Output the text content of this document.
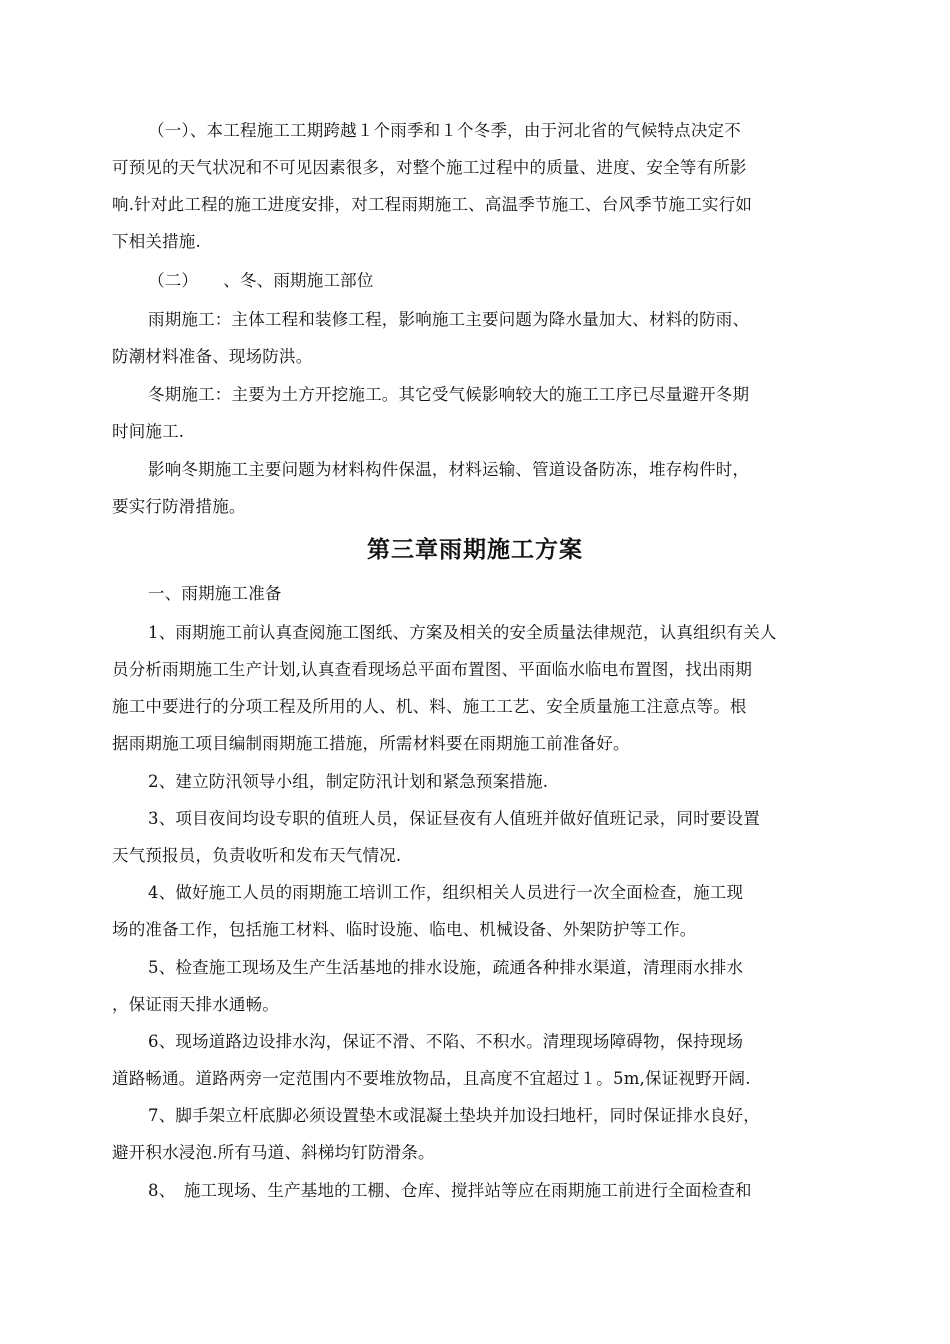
（一）、本工程施工工期跨越１个雨季和１个冬季，由于河北省的气候特点决定不
可预见的天气状况和不可见因素很多，对整个施工过程中的质量、进度、安全等有所影
响.针对此工程的施工进度安排，对工程雨期施工、高温季节施工、台风季节施工实行如
下相关措施.
（二）　　、冬、雨期施工部位
雨期施工：主体工程和装修工程，影响施工主要问题为降水量加大、材料的防雨、
防潮材料准备、现场防洪。
冬期施工：主要为土方开挖施工。其它受气候影响较大的施工工序已尽量避开冬期
时间施工.
影响冬期施工主要问题为材料构件保温，材料运输、管道设备防冻，堆存构件时，
要实行防滑措施。
第三章雨期施工方案
一、雨期施工准备
1、雨期施工前认真查阅施工图纸、方案及相关的安全质量法律规范，认真组织有关人
员分析雨期施工生产计划,认真查看现场总平面布置图、平面临水临电布置图，找出雨期
施工中要进行的分项工程及所用的人、机、料、施工工艺、安全质量施工注意点等。根
据雨期施工项目编制雨期施工措施，所需材料要在雨期施工前准备好。
2、建立防汛领导小组，制定防汛计划和紧急预案措施.
3、项目夜间均设专职的值班人员，保证昼夜有人值班并做好值班记录，同时要设置
天气预报员，负责收听和发布天气情况.
4、做好施工人员的雨期施工培训工作，组织相关人员进行一次全面检查，施工现
场的准备工作，包括施工材料、临时设施、临电、机械设备、外架防护等工作。
5、检查施工现场及生产生活基地的排水设施，疏通各种排水渠道，清理雨水排水
，保证雨天排水通畅。
6、现场道路边设排水沟，保证不滑、不陷、不积水。清理现场障碍物，保持现场
道路畅通。道路两旁一定范围内不要堆放物品，且高度不宜超过１。5m,保证视野开阔.
7、脚手架立杆底脚必须设置垫木或混凝土垫块并加设扫地杆，同时保证排水良好，
避开积水浸泡.所有马道、斜梯均钉防滑条。
8、　施工现场、生产基地的工棚、仓库、搅拌站等应在雨期施工前进行全面检查和
